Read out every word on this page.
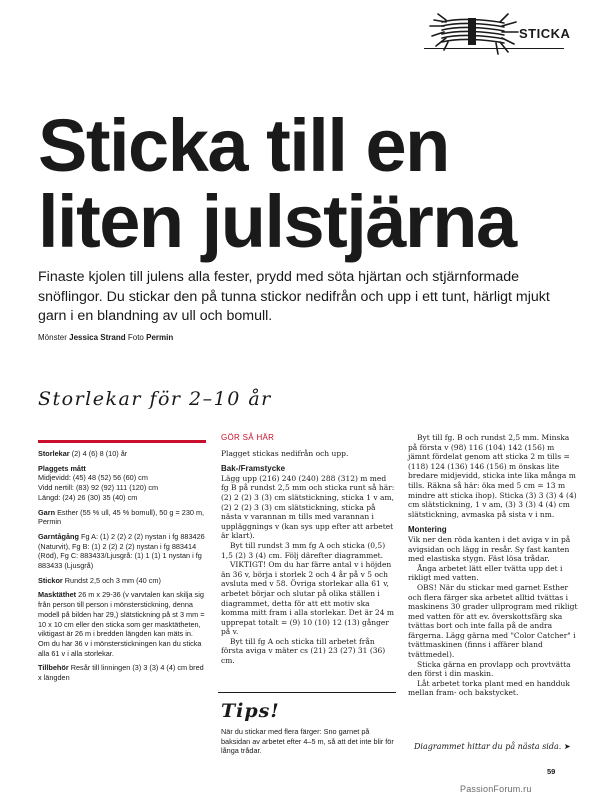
STICKA
Sticka till en
liten julstjärna

Finaste kjolen till julens alla fester, prydd med söta hjärtan och stjärnformade snöflingor. Du stickar den på tunna stickor nedifrån och upp i ett tunt, härligt mjukt garn i en blandning av ull och bomull.

Mönster Jessica Strand Foto Permin
Storlekar för 2–10 år
Storlekar (2) 4 (6) 8 (10) år
Plaggets mått
Midjevidd: (45) 48 (52) 56 (60) cm
Vidd nertill: (83) 92 (92) 111 (120) cm
Längd: (24) 26 (30) 35 (40) cm
Garn Esther (55 % ull, 45 % bomull), 50 g = 230 m, Permin
Garntågång Fg A: (1) 2 (2) 2 (2) nystan i fg 883426 (Naturvit), Fg B: (1) 2 (2) 2 (2) nystan i fg 883414 (Röd), Fg C: 883433/Ljusgrå: (1) 1 (1) 1 nystan i fg 883433 (Ljusgrå)
Stickor Rundst 2,5 och 3 mm (40 cm)
Masktäthet 26 m x 29-36 (v varvtalen kan skilja sig från person till person i mönsterstickning, denna modell på bilden har 29,) slätstickning på st 3 mm = 10 x 10 cm eller den sticka som ger masktätheten, viktigast är 26 m i bredden längden kan mäts in. Om du har 36 v i mönsterstickningen kan du sticka alla 61 v i alla storlekar.
Tillbehör Resår till linningen (3) 3 (3) 4 (4) cm bred x längden
GÖR SÅ HÄR

Plagget stickas nedifrån och upp.

Bak-/Framstycke

Lägg upp (216) 240 (240) 288 (312) m med fg B på rundst 2,5 mm och sticka runt så här: (2) 2 (2) 3 (3) cm slätstickning, sticka 1 v am, (2) 2 (2) 3 (3) cm slätstickning, sticka på nästa v varannan m tills med varannan i uppläggnings v (kan sys upp efter att arbetet är klart).

Byt till rundst 3 mm fg A och sticka (0,5) 1,5 (2) 3 (4) cm. Följ därefter diagrammet.

VIKTIGT! Om du har färre antal v i höjden än 36 v, börja i storlek 2 och 4 år på v 5 och avsluta med v 58. Övriga storlekar alla 61 v, arbetet börjar och slutar på olika ställen i diagrammet, detta för att ett motiv ska komma mitt fram i alla storlekar. Det är 24 m upprepat totalt = (9) 10 (10) 12 (13) gånger på v.

Byt till fg A och sticka till arbetet från första aviga v mäter cs (21) 23 (27) 31 (36) cm.

Tips!
När du stickar med flera färger: Sno garnet på baksidan av arbetet efter 4–5 m, så att det inte blir för långa trådar.

Byt till fg. B och rundst 2,5 mm. Minska på första v (98) 116 (104) 142 (156) m jämnt fördelat genom att sticka 2 m tills = (118) 124 (136) 146 (156) m önskas lite bredare midjevidd, sticka inte lika många m tills. Räkna så här: öka med 5 cm = 13 m mindre att sticka ihop). Sticka (3) 3 (3) 4 (4) cm slätstickning, 1 v am, (3) 3 (3) 4 (4) cm slätstickning, avmaska på sista v i nm.

Montering

Vik ner den röda kanten i det aviga v in på avigsidan och lägg in resår. Sy fast kanten med elastiska stygn. Fäst lösa trådar.

Ånga arbetet lätt eller tvätta upp det i rikligt med vatten.

OBS! När du stickar med garnet Esther och flera färger ska arbetet alltid tvättas i maskinens 30 grader ullprogram med rikligt med vatten för att ev. överskottsfärg ska tvättas bort och inte falla på de andra färgerna. Lägg gärna med "Color Catcher" i tvättmaskinen (finns i affärer bland tvättmedel).

Sticka gärna en provlapp och provtvätta den först i din maskin.

Låt arbetet torka plant med en handduk mellan fram- och bakstycket.

Diagrammet hittar du på nästa sida. ➤
59
PassionForum.ru
